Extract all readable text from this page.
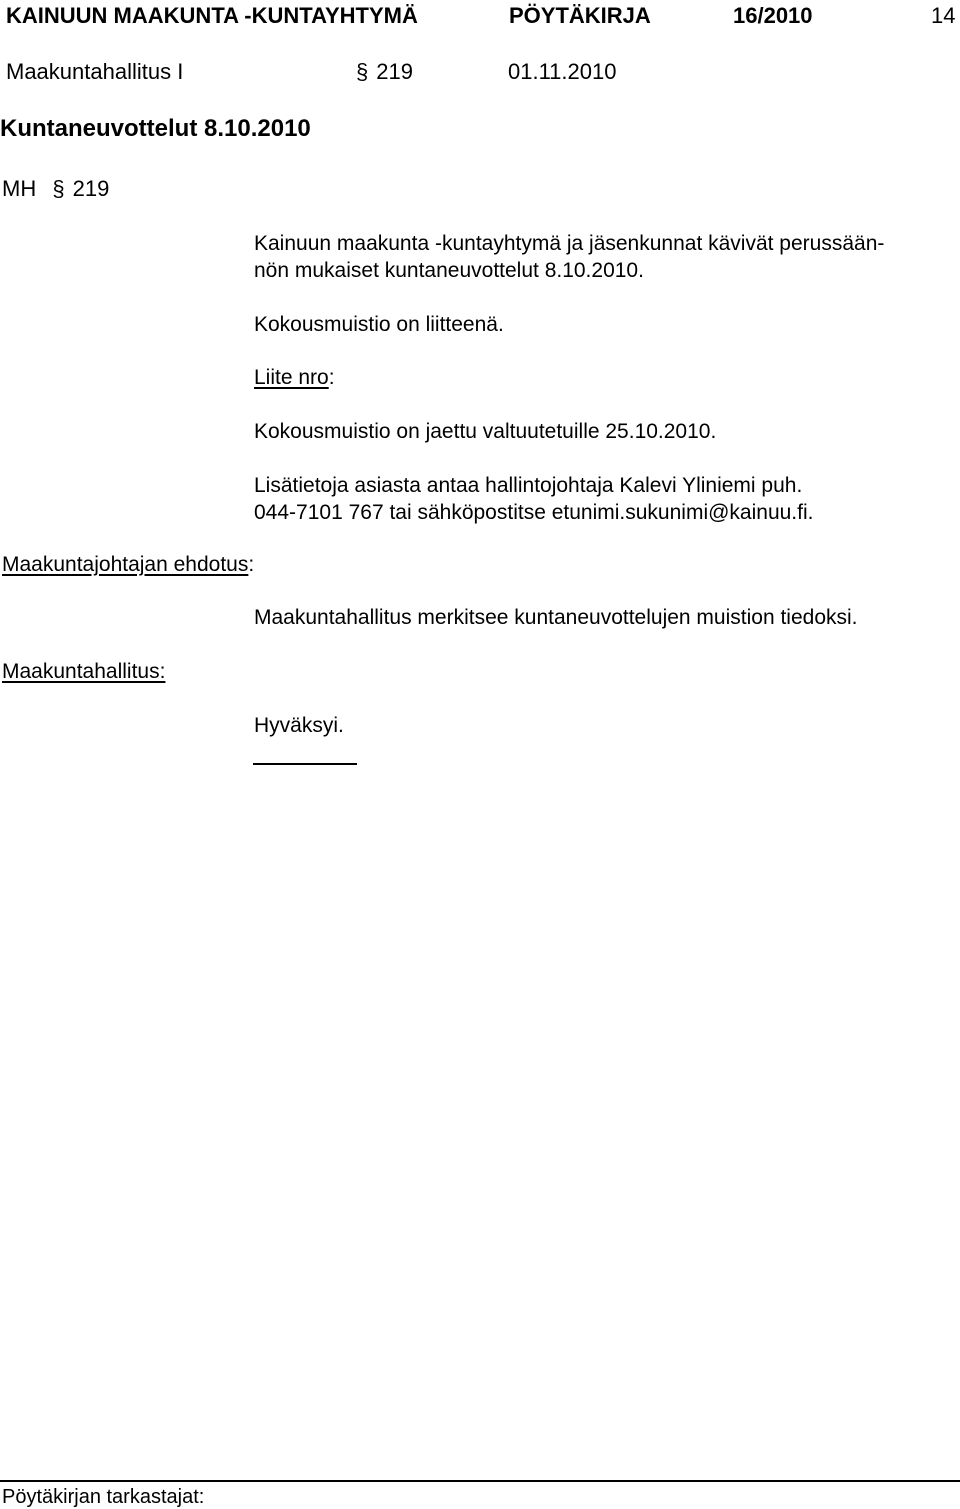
KAINUUN MAAKUNTA -KUNTAYHTYMÄ	PÖYTÄKIRJA	16/2010	14
Maakuntahallitus I	§ 219	01.11.2010
Kuntaneuvottelut 8.10.2010
MH § 219
Kainuun maakunta -kuntayhtymä ja jäsenkunnat kävivät perussään-
nön mukaiset kuntaneuvottelut 8.10.2010.
Kokousmuistio on liitteenä.
Liite nro:
Kokousmuistio on jaettu valtuutetuille 25.10.2010.
Lisätietoja asiasta antaa hallintojohtaja Kalevi Yliniemi puh.
044-7101 767 tai sähköpostitse etunimi.sukunimi@kainuu.fi.
Maakuntajohtajan ehdotus:
Maakuntahallitus merkitsee kuntaneuvottelujen muistion tiedoksi.
Maakuntahallitus:
Hyväksyi.
Pöytäkirjan tarkastajat:
